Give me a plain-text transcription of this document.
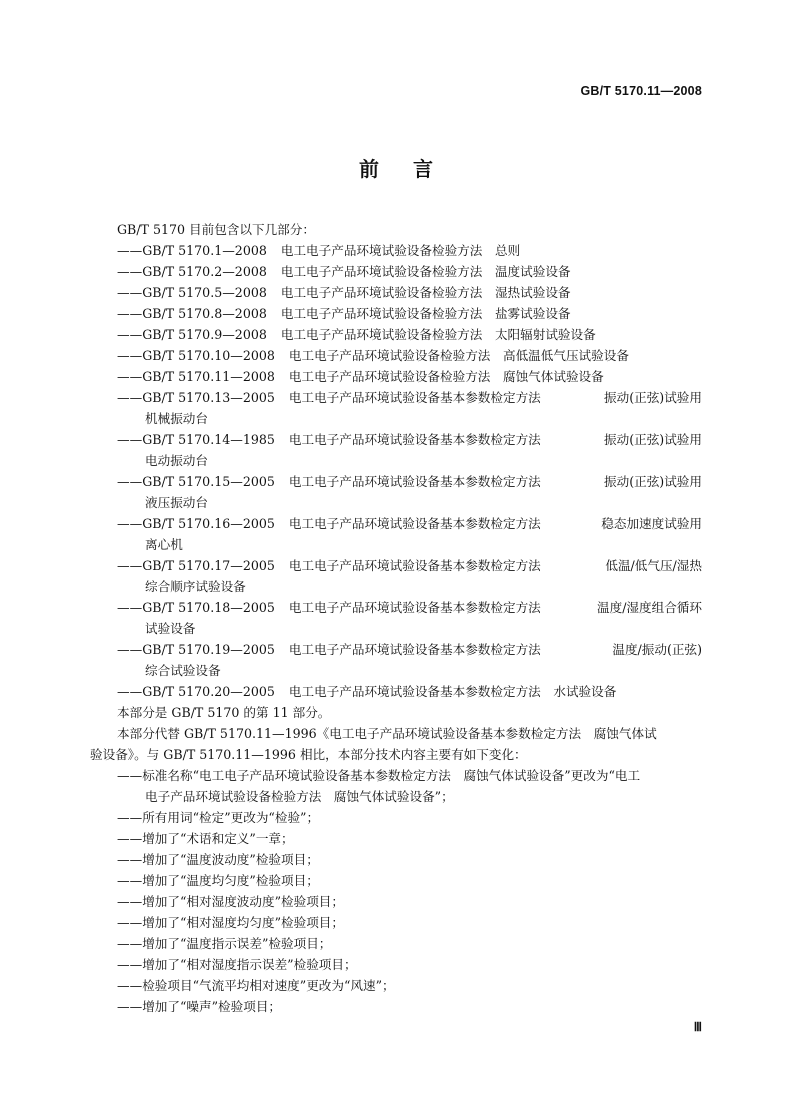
GB/T 5170.11—2008
前言
GB/T 5170 目前包含以下几部分：
——GB/T 5170.1—2008 电工电子产品环境试验设备检验方法　总则
——GB/T 5170.2—2008 电工电子产品环境试验设备检验方法　温度试验设备
——GB/T 5170.5—2008 电工电子产品环境试验设备检验方法　湿热试验设备
——GB/T 5170.8—2008 电工电子产品环境试验设备检验方法　盐雾试验设备
——GB/T 5170.9—2008 电工电子产品环境试验设备检验方法　太阳辐射试验设备
——GB/T 5170.10—2008 电工电子产品环境试验设备检验方法　高低温低气压试验设备
——GB/T 5170.11—2008 电工电子产品环境试验设备检验方法　腐蚀气体试验设备
——GB/T 5170.13—2005 电工电子产品环境试验设备基本参数检定方法	振动(正弦)试验用
机械振动台
——GB/T 5170.14—1985 电工电子产品环境试验设备基本参数检定方法	振动(正弦)试验用
电动振动台
——GB/T 5170.15—2005 电工电子产品环境试验设备基本参数检定方法	振动(正弦)试验用
液压振动台
——GB/T 5170.16—2005 电工电子产品环境试验设备基本参数检定方法	稳态加速度试验用
离心机
——GB/T 5170.17—2005 电工电子产品环境试验设备基本参数检定方法	低温/低气压/湿热
综合顺序试验设备
——GB/T 5170.18—2005 电工电子产品环境试验设备基本参数检定方法	温度/湿度组合循环
试验设备
——GB/T 5170.19—2005 电工电子产品环境试验设备基本参数检定方法	温度/振动(正弦)
综合试验设备
——GB/T 5170.20—2005 电工电子产品环境试验设备基本参数检定方法　水试验设备
本部分是 GB/T 5170 的第 11 部分。
本部分代替 GB/T 5170.11—1996《电工电子产品环境试验设备基本参数检定方法　腐蚀气体试
验设备》。与 GB/T 5170.11—1996 相比，本部分技术内容主要有如下变化：
——标准名称“电工电子产品环境试验设备基本参数检定方法　腐蚀气体试验设备”更改为“电工
电子产品环境试验设备检验方法　腐蚀气体试验设备”；
——所有用词“检定”更改为“检验”；
——增加了“术语和定义”一章；
——增加了“温度波动度”检验项目；
——增加了“温度均匀度”检验项目；
——增加了“相对湿度波动度”检验项目；
——增加了“相对湿度均匀度”检验项目；
——增加了“温度指示误差”检验项目；
——增加了“相对湿度指示误差”检验项目；
——检验项目“气流平均相对速度”更改为“风速”；
——增加了“噪声”检验项目；
Ⅲ
